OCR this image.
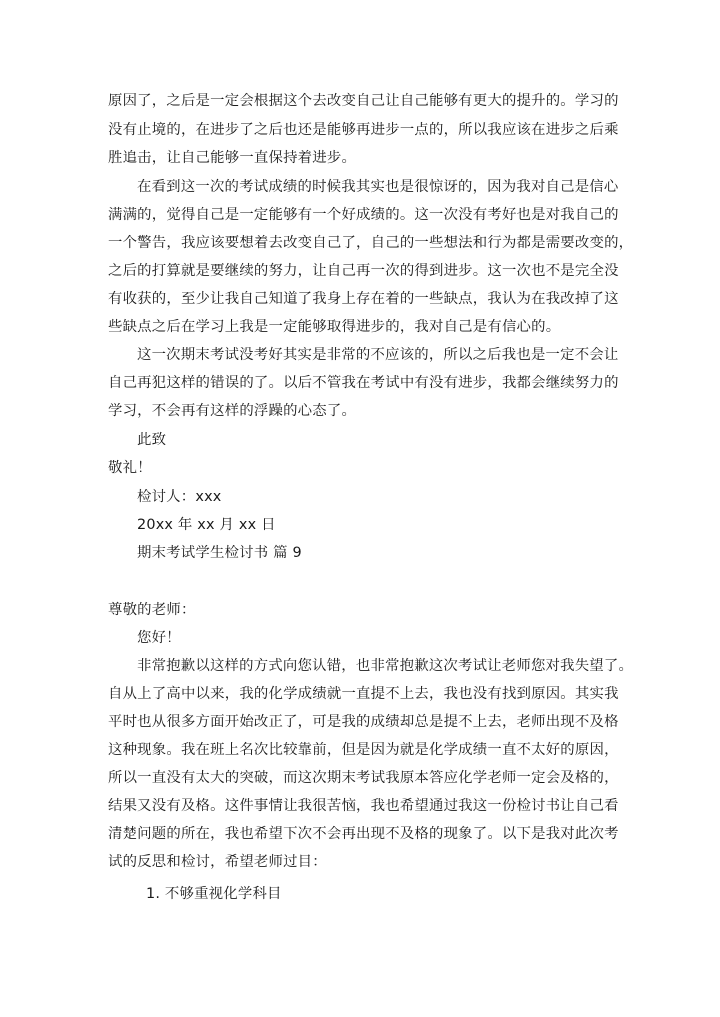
原因了，之后是一定会根据这个去改变自己让自己能够有更大的提升的。学习的
没有止境的，在进步了之后也还是能够再进步一点的，所以我应该在进步之后乘
胜追击，让自己能够一直保持着进步。
在看到这一次的考试成绩的时候我其实也是很惊讶的，因为我对自己是信心
满满的，觉得自己是一定能够有一个好成绩的。这一次没有考好也是对我自己的
一个警告，我应该要想着去改变自己了，自己的一些想法和行为都是需要改变的，
之后的打算就是要继续的努力，让自己再一次的得到进步。这一次也不是完全没
有收获的，至少让我自己知道了我身上存在着的一些缺点，我认为在我改掉了这
些缺点之后在学习上我是一定能够取得进步的，我对自己是有信心的。
这一次期末考试没考好其实是非常的不应该的，所以之后我也是一定不会让
自己再犯这样的错误的了。以后不管我在考试中有没有进步，我都会继续努力的
学习，不会再有这样的浮躁的心态了。
此致
敬礼！
检讨人：xxx
20xx 年 xx 月 xx 日
期末考试学生检讨书 篇 9
尊敬的老师：
您好！
非常抱歉以这样的方式向您认错，也非常抱歉这次考试让老师您对我失望了。
自从上了高中以来，我的化学成绩就一直提不上去，我也没有找到原因。其实我
平时也从很多方面开始改正了，可是我的成绩却总是提不上去，老师出现不及格
这种现象。我在班上名次比较靠前，但是因为就是化学成绩一直不太好的原因，
所以一直没有太大的突破，而这次期末考试我原本答应化学老师一定会及格的，
结果又没有及格。这件事情让我很苦恼，我也希望通过我这一份检讨书让自己看
清楚问题的所在，我也希望下次不会再出现不及格的现象了。以下是我对此次考
试的反思和检讨，希望老师过目：
1. 不够重视化学科目
